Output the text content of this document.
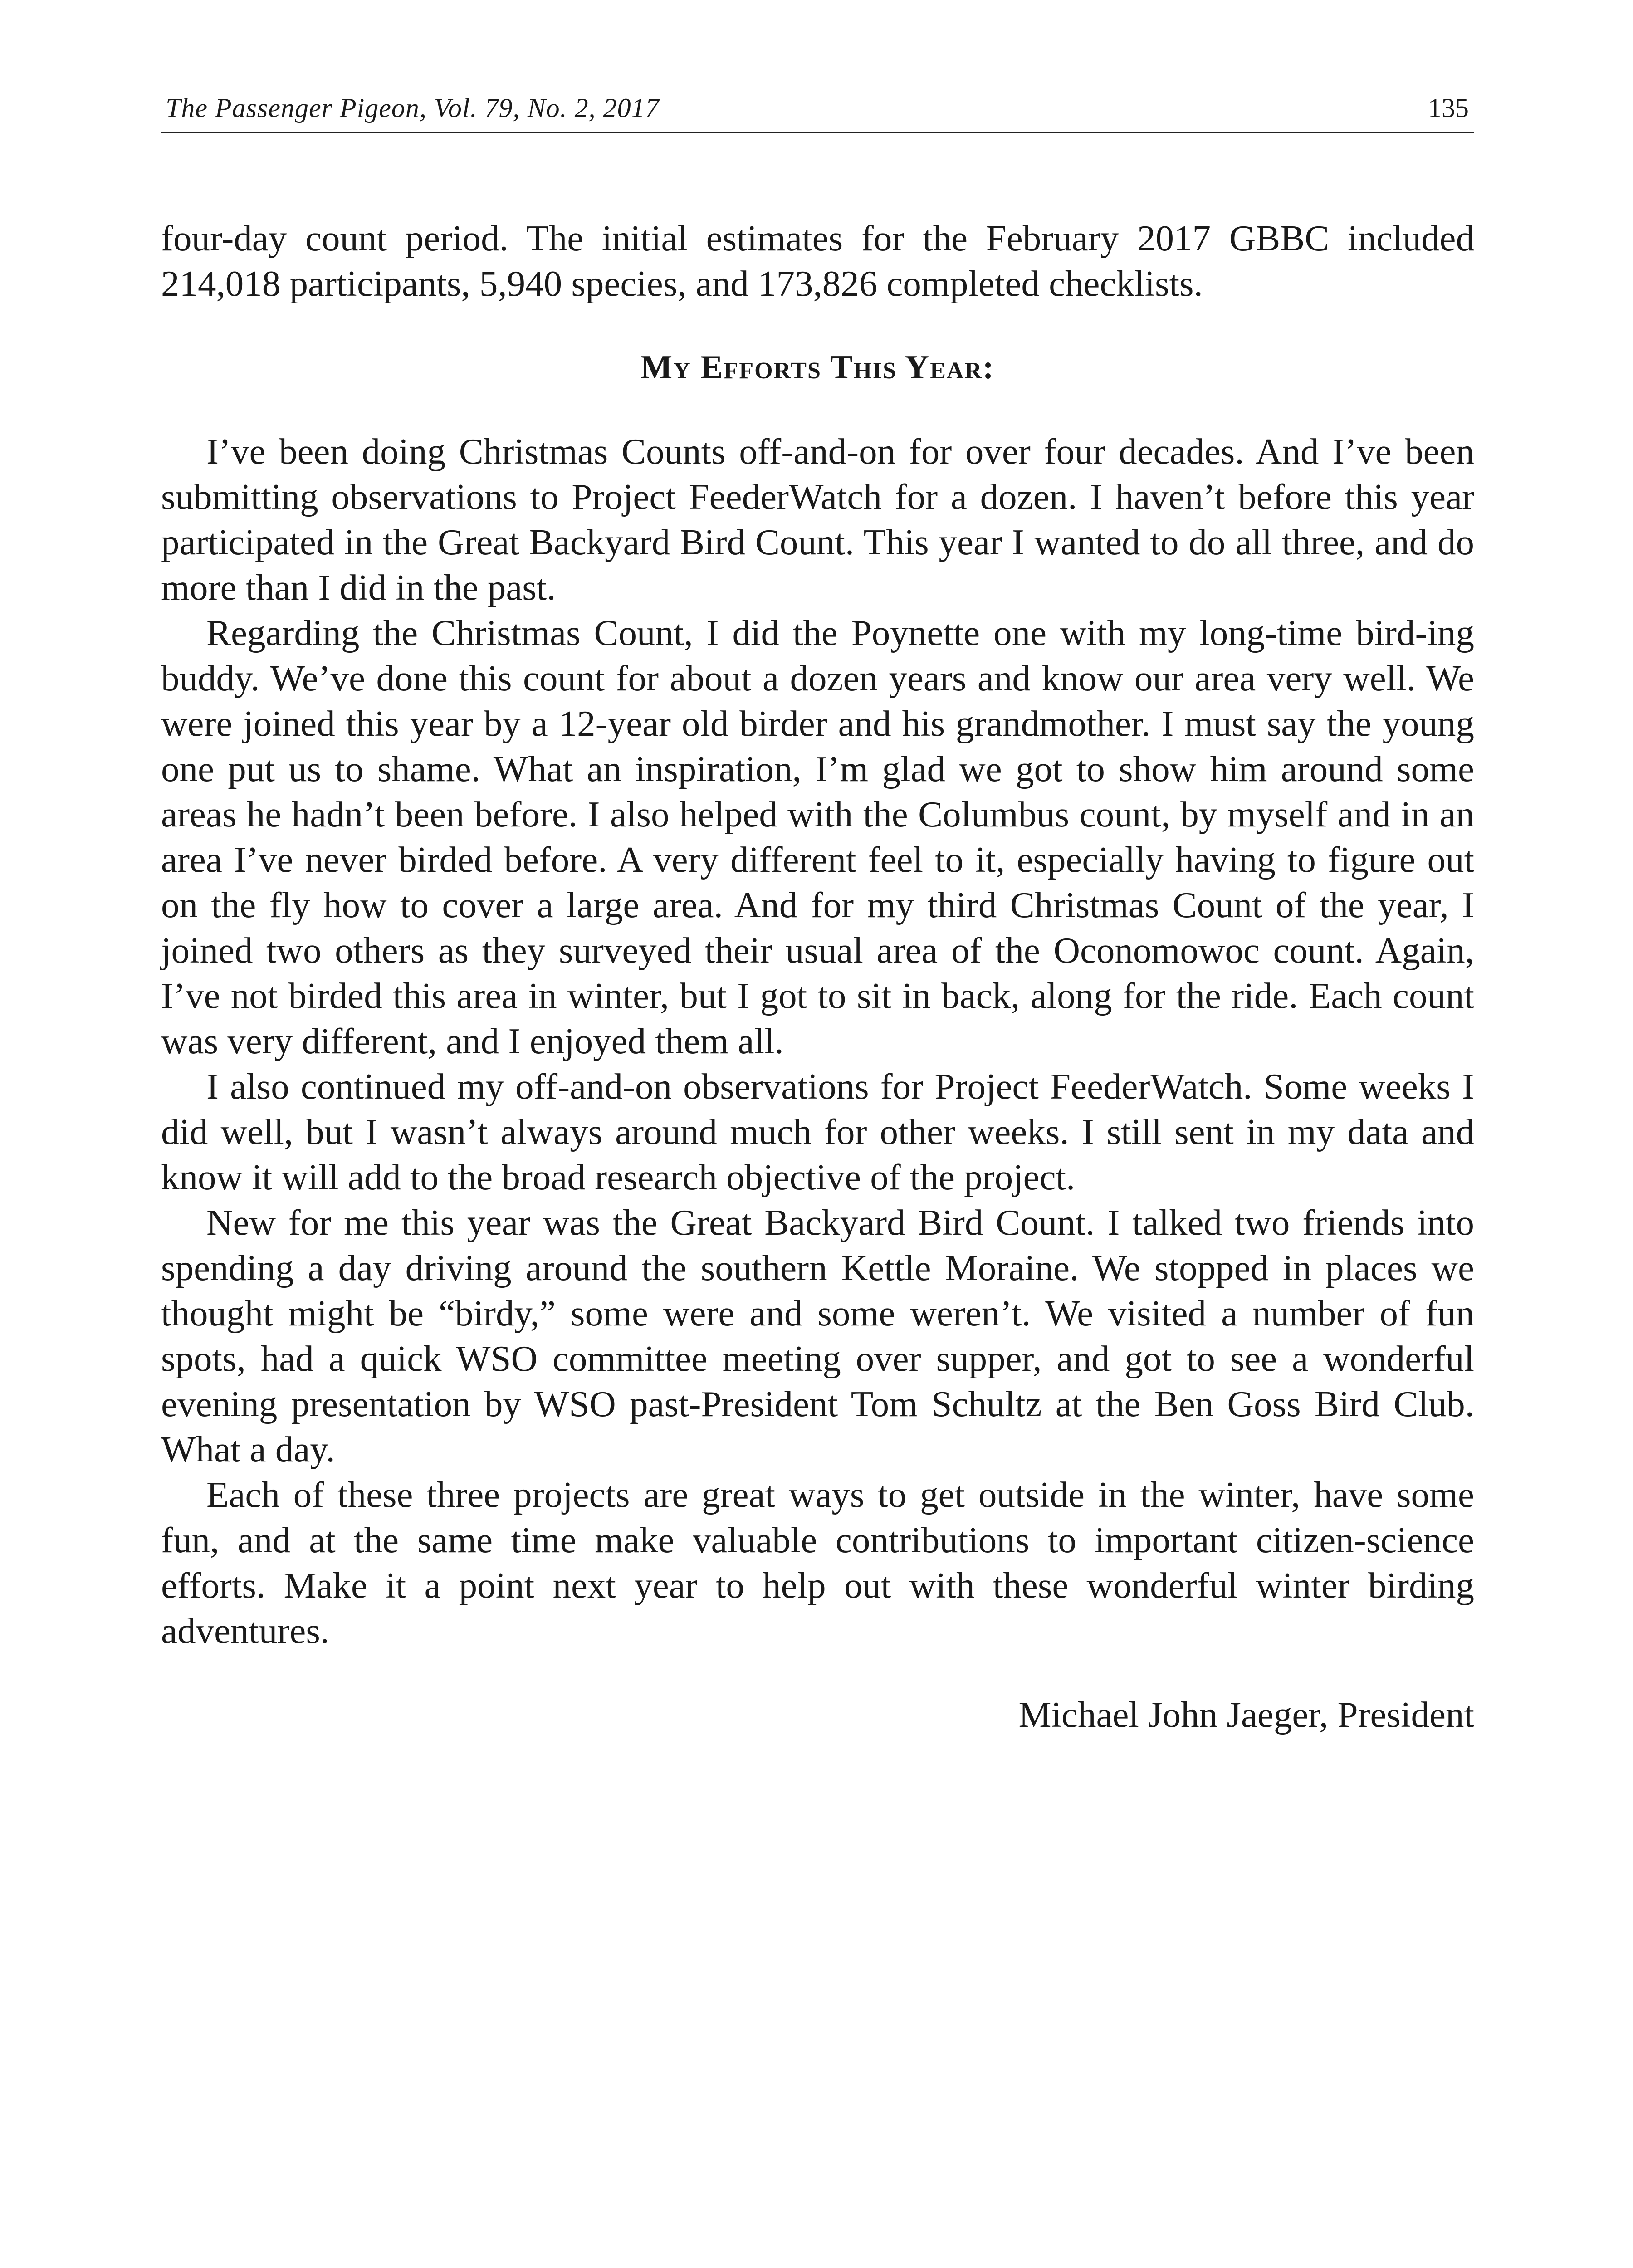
The Passenger Pigeon, Vol. 79, No. 2, 2017	135

four-day count period. The initial estimates for the February 2017 GBBC included 214,018 participants, 5,940 species, and 173,826 completed checklists.

My Efforts This Year:

I’ve been doing Christmas Counts off-and-on for over four decades. And I’ve been submitting observations to Project FeederWatch for a dozen. I haven’t before this year participated in the Great Backyard Bird Count. This year I wanted to do all three, and do more than I did in the past.

Regarding the Christmas Count, I did the Poynette one with my long-time bird-ing buddy. We’ve done this count for about a dozen years and know our area very well. We were joined this year by a 12-year old birder and his grandmother. I must say the young one put us to shame. What an inspiration, I’m glad we got to show him around some areas he hadn’t been before. I also helped with the Columbus count, by myself and in an area I’ve never birded before. A very different feel to it, especially having to figure out on the fly how to cover a large area. And for my third Christmas Count of the year, I joined two others as they surveyed their usual area of the Oconomowoc count. Again, I’ve not birded this area in winter, but I got to sit in back, along for the ride. Each count was very different, and I enjoyed them all.

I also continued my off-and-on observations for Project FeederWatch. Some weeks I did well, but I wasn’t always around much for other weeks. I still sent in my data and know it will add to the broad research objective of the project.

New for me this year was the Great Backyard Bird Count. I talked two friends into spending a day driving around the southern Kettle Moraine. We stopped in places we thought might be “birdy,” some were and some weren’t. We visited a number of fun spots, had a quick WSO committee meeting over supper, and got to see a wonderful evening presentation by WSO past-President Tom Schultz at the Ben Goss Bird Club. What a day.

Each of these three projects are great ways to get outside in the winter, have some fun, and at the same time make valuable contributions to important citizen-science efforts. Make it a point next year to help out with these wonderful winter birding adventures.

Michael John Jaeger, President
